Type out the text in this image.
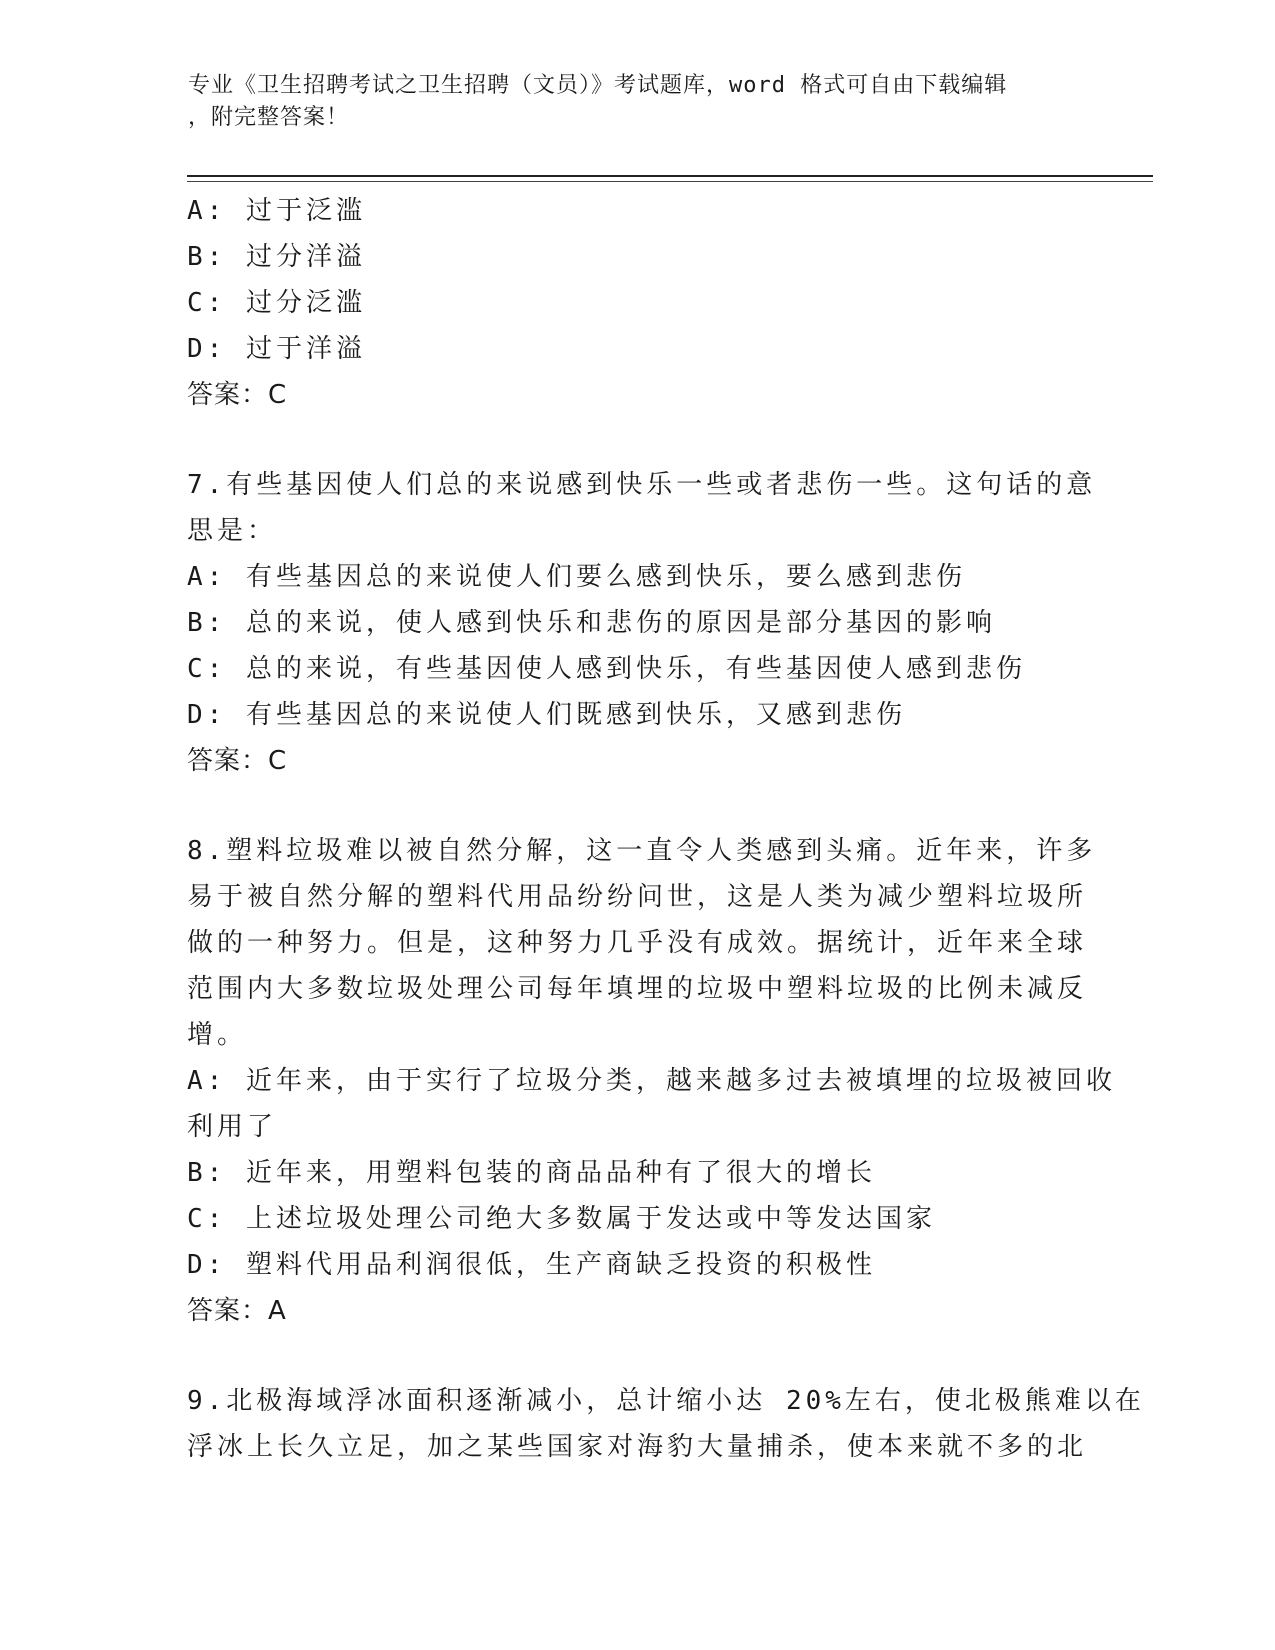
专业《卫生招聘考试之卫生招聘（文员）》考试题库，word 格式可自由下载编辑
，附完整答案！
A: 过于泛滥
B: 过分洋溢
C: 过分泛滥
D: 过于洋溢
答案：C
7.有些基因使人们总的来说感到快乐一些或者悲伤一些。这句话的意
思是：
A: 有些基因总的来说使人们要么感到快乐，要么感到悲伤
B: 总的来说，使人感到快乐和悲伤的原因是部分基因的影响
C: 总的来说，有些基因使人感到快乐，有些基因使人感到悲伤
D: 有些基因总的来说使人们既感到快乐，又感到悲伤
答案：C
8.塑料垃圾难以被自然分解，这一直令人类感到头痛。近年来，许多
易于被自然分解的塑料代用品纷纷问世，这是人类为减少塑料垃圾所
做的一种努力。但是，这种努力几乎没有成效。据统计，近年来全球
范围内大多数垃圾处理公司每年填埋的垃圾中塑料垃圾的比例未减反
增。
A: 近年来，由于实行了垃圾分类，越来越多过去被填埋的垃圾被回收
利用了
B: 近年来，用塑料包装的商品品种有了很大的增长
C: 上述垃圾处理公司绝大多数属于发达或中等发达国家
D: 塑料代用品利润很低，生产商缺乏投资的积极性
答案：A
9.北极海域浮冰面积逐渐减小，总计缩小达 20%左右，使北极熊难以在
浮冰上长久立足，加之某些国家对海豹大量捕杀，使本来就不多的北
